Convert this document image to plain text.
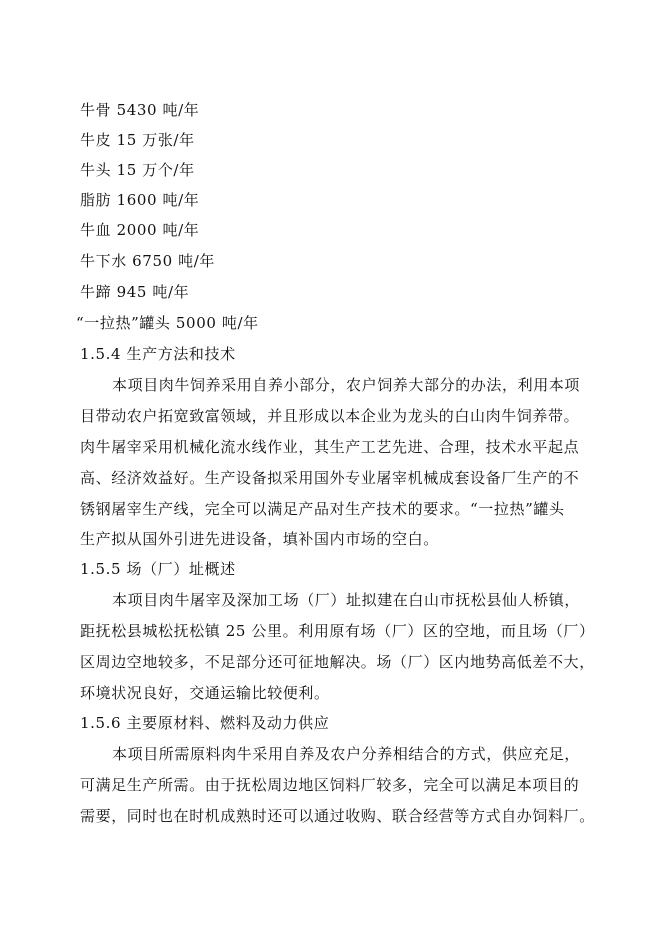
牛骨 5430 吨/年
牛皮 15 万张/年
牛头 15 万个/年
脂肪 1600 吨/年
牛血 2000 吨/年
牛下水 6750 吨/年
牛蹄 945 吨/年
“一拉热”罐头 5000 吨/年
1.5.4 生产方法和技术
本项目肉牛饲养采用自养小部分，农户饲养大部分的办法，利用本项
目带动农户拓宽致富领域，并且形成以本企业为龙头的白山肉牛饲养带。
肉牛屠宰采用机械化流水线作业，其生产工艺先进、合理，技术水平起点
高、经济效益好。生产设备拟采用国外专业屠宰机械成套设备厂生产的不
锈钢屠宰生产线，完全可以满足产品对生产技术的要求。“一拉热”罐头
生产拟从国外引进先进设备，填补国内市场的空白。
1.5.5 场（厂）址概述
本项目肉牛屠宰及深加工场（厂）址拟建在白山市抚松县仙人桥镇，
距抚松县城松抚松镇 25 公里。利用原有场（厂）区的空地，而且场（厂）
区周边空地较多，不足部分还可征地解决。场（厂）区内地势高低差不大，
环境状况良好，交通运输比较便利。
1.5.6 主要原材料、燃料及动力供应
本项目所需原料肉牛采用自养及农户分养相结合的方式，供应充足，
可满足生产所需。由于抚松周边地区饲料厂较多，完全可以满足本项目的
需要，同时也在时机成熟时还可以通过收购、联合经营等方式自办饲料厂。
